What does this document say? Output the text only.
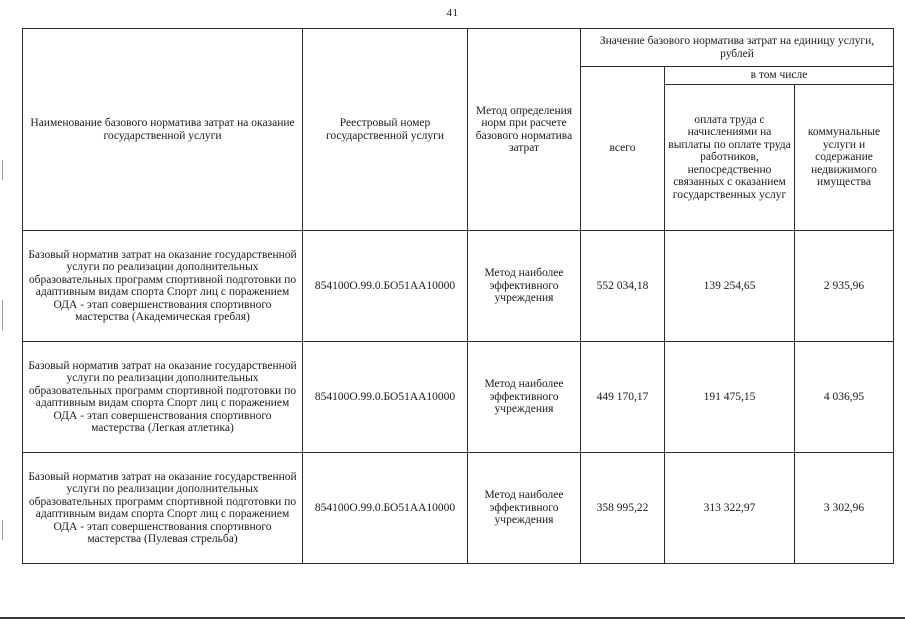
41
Наименование базового норматива затрат на оказание государственной услуги	Реестровый номер государственной услуги	Метод определения норм при расчете базового норматива затрат	Значение базового норматива затрат на единицу услуги, рублей		
			всего	в том числе	
				оплата труда с начислениями на выплаты по оплате труда работников, непосредственно связанных с оказанием государственных услуг	коммунальные услуги и содержание недвижимого имущества
Базовый норматив затрат на оказание государственной услуги по реализации дополнительных образовательных программ спортивной подготовки по адаптивным видам спорта Спорт лиц с поражением ОДА - этап совершенствования спортивного мастерства (Академическая гребля)	854100О.99.0.БО51АА10000	Метод наиболее эффективного учреждения	552 034,18	139 254,65	2 935,96
Базовый норматив затрат на оказание государственной услуги по реализации дополнительных образовательных программ спортивной подготовки по адаптивным видам спорта Спорт лиц с поражением ОДА - этап совершенствования спортивного мастерства (Легкая атлетика)	854100О.99.0.БО51АА10000	Метод наиболее эффективного учреждения	449 170,17	191 475,15	4 036,95
Базовый норматив затрат на оказание государственной услуги по реализации дополнительных образовательных программ спортивной подготовки по адаптивным видам спорта Спорт лиц с поражением ОДА - этап совершенствования спортивного мастерства (Пулевая стрельба)	854100О.99.0.БО51АА10000	Метод наиболее эффективного учреждения	358 995,22	313 322,97	3 302,96
